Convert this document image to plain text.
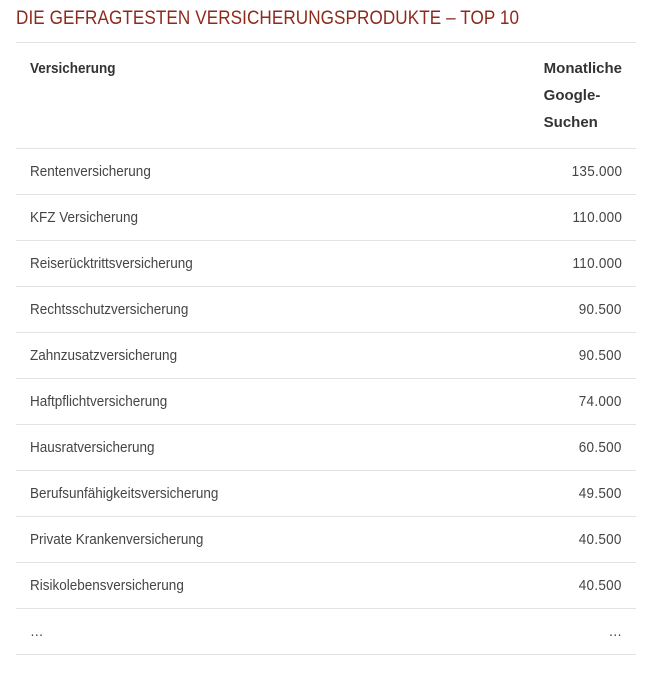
DIE GEFRAGTESTEN VERSICHERUNGSPRODUKTE – TOP 10
Versicherung	Monatliche Google-Suchen
Rentenversicherung	135.000
KFZ Versicherung	110.000
Reiserücktrittsversicherung	110.000
Rechtsschutzversicherung	90.500
Zahnzusatzversicherung	90.500
Haftpflichtversicherung	74.000
Hausratversicherung	60.500
Berufsunfähigkeitsversicherung	49.500
Private Krankenversicherung	40.500
Risikolebensversicherung	40.500
…	…
